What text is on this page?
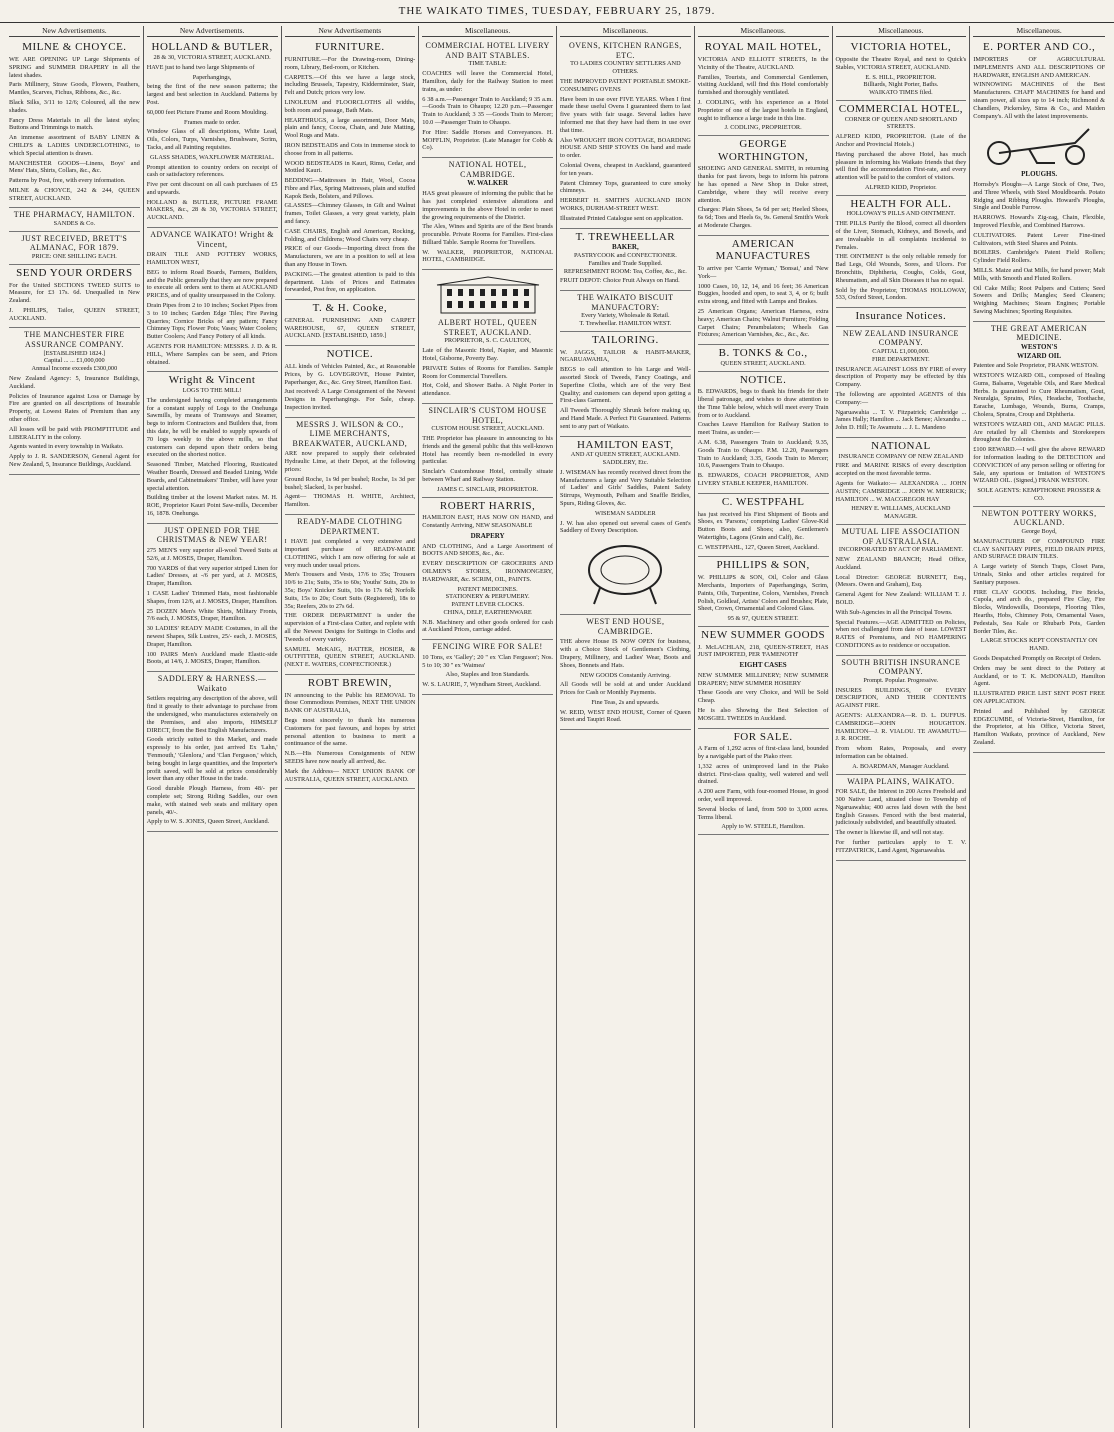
THE WAIKATO TIMES, TUESDAY, FEBRUARY 25, 1879.
New Advertisements.
MILNE & CHOYCE.
WE ARE OPENING UP Large Shipments of SPRING and SUMMER DRAPERY in all the latest shades.
Paris Millinery, Straw Goods, Flowers, Feathers, Mantles, Scarves, Fichus, Ribbons, &c., &c.
Black Silks, 3/11 to 12/6; Coloured, all the new shades.
Fancy Dress Materials in all the latest styles; Buttons and Trimmings to match.
An immense assortment of BABY LINEN & CHILD'S & LADIES UNDERCLOTHING, to which Special attention is drawn.
MANCHESTER GOODS—Linens, Boys' and Mens' Hats, Shirts, Collars, &c., &c.
Patterns by Post, free, with every information.
MILNE & CHOYCE, 242 & 244, QUEEN STREET, AUCKLAND.
THE PHARMACY, HAMILTON.
SANDES & Co.
JUST RECEIVED, BRETT'S ALMANAC, FOR 1879.
PRICE: ONE SHILLING EACH.
SEND YOUR ORDERS
For the United SECTIONS TWEED SUITS to Measure, for £3 17s. 6d. Unequalled in New Zealand.
J. PHILIPS, Tailor, QUEEN STREET, AUCKLAND.
THE MANCHESTER FIRE ASSURANCE COMPANY.
[ESTABLISHED 1824.]
Capital ... ... £1,000,000
Annual Income exceeds £300,000
New Zealand Agency: 5, Insurance Buildings, Auckland.
Policies of Insurance against Loss or Damage by Fire are granted on all descriptions of Insurable Property, at Lowest Rates of Premium than any other office.
All losses will be paid with PROMPTITUDE and LIBERALITY in the colony.
Agents wanted in every township in Waikato.
Apply to J. R. SANDERSON, General Agent for New Zealand, 5, Insurance Buildings, Auckland.
New Advertisements.
HOLLAND & BUTLER,
28 & 30, VICTORIA STREET, AUCKLAND.
HAVE just to hand two large Shipments of
Paperhangings,
being the first of the new season patterns; the largest and best selection in Auckland. Patterns by Post.
60,000 feet Picture Frame and Room Moulding.
Frames made to order.
Window Glass of all descriptions, White Lead, Oils, Colors, Turps, Varnishes, Brushware, Scrim, Tacks, and all Painting requisites.
GLASS SHADES, WAXFLOWER MATERIAL.
Prompt attention to country orders on receipt of cash or satisfactory references.
Five per cent discount on all cash purchases of £5 and upwards.
HOLLAND & BUTLER, PICTURE FRAME MAKERS, &c., 28 & 30, VICTORIA STREET, AUCKLAND.
ADVANCE WAIKATO! Wright & Vincent,
DRAIN TILE AND POTTERY WORKS, HAMILTON WEST,
BEG to inform Road Boards, Farmers, Builders, and the Public generally that they are now prepared to execute all orders sent to them at AUCKLAND PRICES, and of quality unsurpassed in the Colony.
Drain Pipes from 2 to 10 inches; Socket Pipes from 3 to 10 inches; Garden Edge Tiles; Fire Paving Quarries; Cornice Bricks of any pattern; Fancy Chimney Tops; Flower Pots; Vases; Water Coolers; Butter Coolers; And Fancy Pottery of all kinds.
AGENTS FOR HAMILTON: MESSRS. J. D. & R. HILL, Where Samples can be seen, and Prices obtained.
Wright & Vincent
LOGS TO THE MILL!
The undersigned having completed arrangements for a constant supply of Logs to the Onehunga Sawmills, by means of Tramways and Steamer, begs to inform Contractors and Builders that, from this date, he will be enabled to supply upwards of 70 logs weekly to the above mills, so that customers can depend upon their orders being executed on the shortest notice.
Seasoned Timber, Matched Flooring, Rusticated Weather Boards, Dressed and Beaded Lining, Wide Boards, and Cabinetmakers' Timber, will have your special attention.
Building timber at the lowest Market rates. M. H. ROE, Proprietor Kauri Point Saw-mills, December 16, 1878. Onehunga.
JUST OPENED FOR THE CHRISTMAS & NEW YEAR!
275 MEN'S very superior all-wool Tweed Suits at 52/6, at J. MOSES, Draper, Hamilton.
700 YARDS of that very superior striped Linen for Ladies' Dresses, at -/6 per yard, at J. MOSES, Draper, Hamilton.
1 CASE Ladies' Trimmed Hats, most fashionable Shapes, from 12/6, at J. MOSES, Draper, Hamilton.
25 DOZEN Men's White Shirts, Military Fronts, 7/6 each, J. MOSES, Draper, Hamilton.
30 LADIES' READY MADE Costumes, in all the newest Shapes, Silk Lustres, 25/- each, J. MOSES, Draper, Hamilton.
100 PAIRS Men's Auckland made Elastic-side Boots, at 14/6, J. MOSES, Draper, Hamilton.
SADDLERY & HARNESS.—Waikato
Settlers requiring any description of the above, will find it greatly to their advantage to purchase from the undersigned, who manufactures extensively on the Premises, and also imports, HIMSELF DIRECT, from the Best English Manufacturers.
Goods strictly suited to this Market, and made expressly to his order, just arrived Ex 'Lahn,' 'Fenmouth,' 'Glenlora,' and 'Clan Ferguson,' which, being bought in large quantities, and the Importer's profit saved, will be sold at prices considerably lower than any other House in the trade.
Good durable Plough Harness, from 48/- per complete set; Strong Riding Saddles, our own make, with stained web seats and military open panels, 40/-.
Apply to W. S. JONES, Queen Street, Auckland.
New Advertisements
FURNITURE.
FURNITURE.—For the Drawing-room, Dining-room, Library, Bed-room, or Kitchen.
CARPETS.—Of this we have a large stock, including Brussels, Tapestry, Kidderminster, Stair, Felt and Dutch; prices very low.
LINOLEUM and FLOORCLOTHS all widths, both room and passage, Bath Mats.
HEARTHRUGS, a large assortment, Door Mats, plain and fancy, Cocoa, Chain, and Jute Matting, Wool Rugs and Mats.
IRON BEDSTEADS and Cots in immense stock to choose from in all patterns.
WOOD BEDSTEADS in Kauri, Rimu, Cedar, and Mottled Kauri.
BEDDING—Mattresses in Hair, Wool, Cocoa Fibre and Flax, Spring Mattresses, plain and stuffed Kapok Beds, Bolsters, and Pillows.
GLASSES—Chimney Glasses, in Gilt and Walnut frames, Toilet Glasses, a very great variety, plain and fancy.
CASE CHAIRS, English and American, Rocking, Folding, and Childrens; Wood Chairs very cheap.
PRICE of our Goods—Importing direct from the Manufacturers, we are in a position to sell at less than any House in Town.
PACKING.—The greatest attention is paid to this department. Lists of Prices and Estimates forwarded, Post free, on application.
T. & H. Cooke,
GENERAL FURNISHING AND CARPET WAREHOUSE, 67, QUEEN STREET, AUCKLAND. [ESTABLISHED, 1859.]
NOTICE.
ALL kinds of Vehicles Painted, &c., at Reasonable Prices, by G. LOVEGROVE, House Painter, Paperhanger, &c., &c. Grey Street, Hamilton East.
Just received: A Large Consignment of the Newest Designs in Paperhangings. For Sale, cheap. Inspection invited.
MESSRS J. WILSON & CO., LIME MERCHANTS, BREAKWATER, AUCKLAND,
ARE now prepared to supply their celebrated Hydraulic Lime, at their Depot, at the following prices:
Ground Roche, 1s 9d per bushel; Roche, 1s 3d per bushel; Slacked, 1s per bushel.
Agent— THOMAS H. WHITE, Architect, Hamilton.
READY-MADE CLOTHING DEPARTMENT.
I HAVE just completed a very extensive and important purchase of READY-MADE CLOTHING, which I am now offering for sale at very much under usual prices.
Men's Trousers and Vests, 17/6 to 35s; Trousers 10/6 to 21s; Suits, 35s to 60s; Youths' Suits, 20s to 35s; Boys' Knicker Suits, 10s to 17s 6d; Norfolk Suits, 15s to 20s; Court Suits (Registered), 18s to 35s; Reefers, 20s to 27s 6d.
THE ORDER DEPARTMENT is under the supervision of a First-class Cutter, and replete with all the Newest Designs for Suitings in Cloths and Tweeds of every variety.
SAMUEL McKAIG, HATTER, HOSIER, & OUTFITTER, QUEEN STREET, AUCKLAND. (NEXT E. WATERS, CONFECTIONER.)
ROBT BREWIN,
IN announcing to the Public his REMOVAL To those Commodious Premises, NEXT THE UNION BANK OF AUSTRALIA,
Begs most sincerely to thank his numerous Customers for past favours, and hopes by strict personal attention to business to merit a continuance of the same.
N.B.—His Numerous Consignments of NEW SEEDS have now nearly all arrived, &c.
Mark the Address— NEXT UNION BANK OF AUSTRALIA, QUEEN STREET, AUCKLAND.
Miscellaneous.
COMMERCIAL HOTEL LIVERY AND BAIT STABLES.
TIME TABLE:
COACHES will leave the Commercial Hotel, Hamilton, daily for the Railway Station to meet trains, as under:
6 38 a.m.—Passenger Train to Auckland; 9 35 a.m.—Goods Train to Ohaupo; 12.20 p.m.—Passenger Train to Auckland; 3 35 —Goods Train to Mercer; 10.0 —Passenger Train to Ohaupo.
For Hire: Saddle Horses and Conveyances. H. MOFFLIN, Proprietor. (Late Manager for Cobb & Co).
NATIONAL HOTEL, CAMBRIDGE.
W. WALKER
HAS great pleasure of informing the public that he has just completed extensive alterations and improvements in the above Hotel in order to meet the growing requirements of the District.
The Ales, Wines and Spirits are of the Best brands procurable. Private Rooms for Families. First-class Billiard Table. Sample Rooms for Travellers.
W. WALKER, PROPRIETOR, NATIONAL HOTEL, CAMBRIDGE.
ALBERT HOTEL, QUEEN STREET, AUCKLAND.
PROPRIETOR, S. C. CAULTON,
Late of the Masonic Hotel, Napier, and Masonic Hotel, Gisborne, Poverty Bay.
PRIVATE Suites of Rooms for Families. Sample Room for Commercial Travellers.
Hot, Cold, and Shower Baths. A Night Porter in attendance.
SINCLAIR'S CUSTOM HOUSE HOTEL,
CUSTOM HOUSE STREET, AUCKLAND.
THE Proprietor has pleasure in announcing to his friends and the general public that this well-known Hotel has recently been re-modelled in every particular.
Sinclair's Customhouse Hotel, centrally situate between Wharf and Railway Station.
JAMES C. SINCLAIR, PROPRIETOR.
ROBERT HARRIS,
HAMILTON EAST, HAS NOW ON HAND, and Constantly Arriving, NEW SEASONABLE
DRAPERY
AND CLOTHING, And a Large Assortment of BOOTS AND SHOES, &c., &c.
EVERY DESCRIPTION OF GROCERIES AND OILMEN'S STORES, IRONMONGERY, HARDWARE, &c. SCRIM, OIL, PAINTS.
PATENT MEDICINES.
STATIONERY & PERFUMERY.
PATENT LEVER CLOCKS.
CHINA, DELF, EARTHENWARE
N.B. Machinery and other goods ordered for cash at Auckland Prices, carriage added.
FENCING WIRE FOR SALE!
10 Tons, ex 'Galley'; 20 '' ex 'Clan Ferguson'; Nos. 5 to 10; 30 '' ex 'Waimea'
Also, Staples and Iron Standards.
W. S. LAURIE, 7, Wyndham Street, Auckland.
Miscellaneous.
OVENS, KITCHEN RANGES, ETC.
TO LADIES COUNTRY SETTLERS AND OTHERS.
THE IMPROVED PATENT PORTABLE SMOKE-CONSUMING OVENS
Have been in use over FIVE YEARS. When I first made these useful Ovens I guaranteed them to last five years with fair usage. Several ladies have informed me that they have had them in use over that time.
Also WROUGHT IRON COTTAGE, BOARDING HOUSE AND SHIP STOVES On hand and made to order.
Colonial Ovens, cheapest in Auckland, guaranteed for ten years.
Patent Chimney Tops, guaranteed to cure smoky chimneys.
HERBERT H. SMITH'S AUCKLAND IRON WORKS, DURHAM-STREET WEST.
Illustrated Printed Catalogue sent on application.
T. TREWHEELLAR
BAKER,
PASTRYCOOK and CONFECTIONER.
Families and Trade Supplied.
REFRESHMENT ROOM: Tea, Coffee, &c., &c.
FRUIT DEPOT: Choice Fruit Always on Hand.
THE WAIKATO BISCUIT MANUFACTORY:
Every Variety, Wholesale & Retail.
T. Trewheellar. HAMILTON WEST.
TAILORING.
W. JAGGS, TAILOR & HABIT-MAKER, NGARUAWAHIA,
BEGS to call attention to his Large and Well-assorted Stock of Tweeds, Fancy Coatings, and Superfine Cloths, which are of the very Best Quality; and customers can depend upon getting a First-class Garment.
All Tweeds Thoroughly Shrunk before making up, and Hand Made. A Perfect Fit Guaranteed. Patterns sent to any part of Waikato.
HAMILTON EAST,
AND AT QUEEN STREET, AUCKLAND.
SADDLERY, Etc.
J. WISEMAN has recently received direct from the Manufacturers a large and Very Suitable Selection of Ladies' and Girls' Saddles, Patent Safety Stirrups, Weymouth, Pelham and Snaffle Bridles, Spurs, Riding Gloves, &c.
WISEMAN SADDLER
J. W. has also opened out several cases of Gent's Saddlery of Every Description.
WEST END HOUSE, CAMBRIDGE.
THE above House IS NOW OPEN for business, with a Choice Stock of Gentlemen's Clothing, Drapery, Millinery, and Ladies' Wear, Boots and Shoes, Bonnets and Hats.
NEW GOODS Constantly Arriving.
All Goods will be sold at and under Auckland Prices for Cash or Monthly Payments.
Fine Teas, 2s and upwards.
W. REID, WEST END HOUSE, Corner of Queen Street and Taupiri Road.
Miscellaneous.
ROYAL MAIL HOTEL,
VICTORIA AND ELLIOTT STREETS, In the Vicinity of the Theatre, AUCKLAND.
Families, Tourists, and Commercial Gentlemen, visiting Auckland, will find this Hotel comfortably furnished and thoroughly ventilated.
J. CODLING, with his experience as a Hotel Proprietor of one of the largest hotels in England, ought to influence a large trade in this line.
J. CODLING, PROPRIETOR.
GEORGE WORTHINGTON,
SHOEING AND GENERAL SMITH, in returning thanks for past favors, begs to inform his patrons he has opened a New Shop in Duke street, Cambridge, where they will receive every attention.
Charges: Plain Shoes, 5s 6d per set; Heeled Shoes, 6s 6d; Toes and Heels 6s, 9s. General Smith's Work at Moderate Charges.
AMERICAN MANUFACTURES
To arrive per 'Carrie Wyman,' 'Bonsai,' and 'New York—
1000 Cases, 10, 12, 14, and 16 feet; 36 American Buggies, hooded and open, to seat 3, 4, or 6; built extra strong, and fitted with Lamps and Brakes.
25 American Organs; American Harness, extra heavy; American Chairs; Walnut Furniture; Folding Carpet Chairs; Perambulators; Wheels Gas Fixtures; American Varnishes, &c., &c., &c.
B. TONKS & Co.,
QUEEN STREET, AUCKLAND.
NOTICE.
B. EDWARDS, begs to thank his friends for their liberal patronage, and wishes to draw attention to the Time Table below, which will meet every Train from or to Auckland.
Coaches Leave Hamilton for Railway Station to meet Trains, as under:—
A.M. 6.38, Passengers Train to Auckland; 9.35, Goods Train to Ohaupo. P.M. 12.20, Passengers Train to Auckland; 3.35, Goods Train to Mercer; 10.6, Passengers Train to Ohaupo.
B. EDWARDS, COACH PROPRIETOR, AND LIVERY STABLE KEEPER, HAMILTON.
C. WESTPFAHL
has just received his First Shipment of Boots and Shoes, ex 'Parsons,' comprising Ladies' Glove-Kid Button Boots and Shoes; also, Gentlemen's Watertights, Lagons (Grain and Calf), &c.
C. WESTPFAHL, 127, Queen Street, Auckland.
PHILLIPS & SON,
W. PHILLIPS & SON, Oil, Color and Glass Merchants, Importers of Paperhangings, Scrim, Paints, Oils, Turpentine, Colors, Varnishes, French Polish, Goldleaf, Artists' Colors and Brushes; Plate, Sheet, Crown, Ornamental and Colored Glass.
95 & 97, QUEEN STREET.
NEW SUMMER GOODS
J. McLACHLAN, 218, QUEEN-STREET, HAS JUST IMPORTED, PER 'FAMENOTH'
EIGHT CASES
NEW SUMMER MILLINERY; NEW SUMMER DRAPERY; NEW SUMMER HOSIERY
These Goods are very Choice, and Will be Sold Cheap.
He is also Showing the Best Selection of MOSGIEL TWEEDS in Auckland.
FOR SALE.
A Farm of 1,292 acres of first-class land, bounded by a navigable part of the Piako river.
1,332 acres of unimproved land in the Piako district. First-class quality, well watered and well drained.
A 200 acre Farm, with four-roomed House, in good order, well improved.
Several blocks of land, from 500 to 3,000 acres. Terms liberal.
Apply to W. STEELE, Hamilton.
Miscellaneous.
VICTORIA HOTEL,
Opposite the Theatre Royal, and next to Quick's Stables, VICTORIA STREET, AUCKLAND.
E. S. HILL, PROPRIETOR.
Billiards, Night Porter, Baths.
WAIKATO TIMES filed.
COMMERCIAL HOTEL,
CORNER OF QUEEN AND SHORTLAND STREETS.
ALFRED KIDD, PROPRIETOR. (Late of the Anchor and Provincial Hotels.)
Having purchased the above Hotel, has much pleasure in informing his Waikato friends that they will find the accommodation First-rate, and every attention will be paid to the comfort of visitors.
ALFRED KIDD, Proprietor.
HEALTH FOR ALL.
HOLLOWAY'S PILLS AND OINTMENT.
THE PILLS Purify the Blood, correct all disorders of the Liver, Stomach, Kidneys, and Bowels, and are invaluable in all complaints incidental to Females.
THE OINTMENT is the only reliable remedy for Bad Legs, Old Wounds, Sores, and Ulcers. For Bronchitis, Diphtheria, Coughs, Colds, Gout, Rheumatism, and all Skin Diseases it has no equal.
Sold by the Proprietor, THOMAS HOLLOWAY, 533, Oxford Street, London.
Insurance Notices.
NEW ZEALAND INSURANCE COMPANY.
CAPITAL £1,000,000.
FIRE DEPARTMENT.
INSURANCE AGAINST LOSS BY FIRE of every description of Property may be effected by this Company.
The following are appointed AGENTS of this Company:—
Ngaruawahia ... T. V. Fitzpatrick; Cambridge ... James Hally; Hamilton ... Jack Benee; Alexandra ... John D. Hill; Te Awamutu ... J. L. Mandeno
NATIONAL
INSURANCE COMPANY OF NEW ZEALAND
FIRE and MARINE RISKS of every description accepted on the most favorable terms.
Agents for Waikato:— ALEXANDRA ... JOHN AUSTIN; CAMBRIDGE ... JOHN W. MERRICK; HAMILTON ... W. MACGREGOR HAY
HENRY E. WILLIAMS, AUCKLAND MANAGER.
MUTUAL LIFE ASSOCIATION OF AUSTRALASIA.
INCORPORATED BY ACT OF PARLIAMENT.
NEW ZEALAND BRANCH; Head Office, Auckland.
Local Director: GEORGE BURNETT, Esq., (Messrs. Owen and Graham), Esq.
General Agent for New Zealand: WILLIAM T. J. BOLD.
With Sub-Agencies in all the Principal Towns.
Special Features.—AGE ADMITTED on Policies, when not challenged from date of issue. LOWEST RATES of Premiums, and NO HAMPERING CONDITIONS as to residence or occupation.
SOUTH BRITISH INSURANCE COMPANY.
Prompt. Popular. Progressive.
INSURES BUILDINGS, OF EVERY DESCRIPTION, AND THEIR CONTENTS AGAINST FIRE.
AGENTS: ALEXANDRA—R. D. L. DUFFUS. CAMBRIDGE—JOHN HOUGHTON. HAMILTON—J. R. VIALOU. TE AWAMUTU—J. R. ROCHE.
From whom Rates, Proposals, and every information can be obtained.
A. BOARDMAN, Manager Auckland.
WAIPA PLAINS, WAIKATO.
FOR SALE, the Interest in 200 Acres Freehold and 300 Native Land, situated close to Township of Ngaruawahia; 400 acres laid down with the best English Grasses. Fenced with the best material, judiciously subdivided, and beautifully situated.
The owner is likewise ill, and will not stay.
For further particulars apply to T. V. FITZPATRICK, Land Agent, Ngaruawahia.
Miscellaneous.
E. PORTER AND CO.,
IMPORTERS OF AGRICULTURAL IMPLEMENTS AND ALL DESCRIPTIONS OF HARDWARE, ENGLISH AND AMERICAN.
WINNOWING MACHINES of the Best Manufacturers. CHAFF MACHINES for hand and steam power, all sizes up to 14 inch; Richmond & Chandlers, Pickersley, Sims & Co., and Maiden Company's. All with the latest improvements.
PLOUGHS.
Hornsby's Ploughs—A Large Stock of One, Two, and Three Wheels, with Steel Mouldboards. Potato Ridging and Ribbing Ploughs. Howard's Ploughs, Single and Double Furrow.
HARROWS. Howard's Zig-zag, Chain, Flexible, Improved Flexible, and Combined Harrows.
CULTIVATORS. Patent Lever Fine-tined Cultivators, with Steel Shares and Points.
BOILERS. Cambridge's Patent Field Rollers; Cylinder Field Rollers.
MILLS. Maize and Oat Mills, for hand power; Malt Mills, with Smooth and Fluted Rollers.
Oil Cake Mills; Root Pulpers and Cutters; Seed Sowers and Drills; Mangles; Seed Cleaners; Weighing Machines; Steam Engines; Portable Sawing Machines; Sporting Requisites.
THE GREAT AMERICAN MEDICINE.
WESTON'S
WIZARD OIL
Patentee and Sole Proprietor, FRANK WESTON.
WESTON'S WIZARD OIL, composed of Healing Gums, Balsams, Vegetable Oils, and Rare Medical Herbs. Is guaranteed to Cure Rheumatism, Gout, Neuralgia, Sprains, Piles, Headache, Toothache, Earache, Lumbago, Wounds, Burns, Cramps, Cholera, Sprains, Croup and Diphtheria.
WESTON'S WIZARD OIL, AND MAGIC PILLS. Are retailed by all Chemists and Storekeepers throughout the Colonies.
£100 REWARD.—I will give the above REWARD for information leading to the DETECTION and CONVICTION of any person selling or offering for Sale, any spurious or Imitation of WESTON'S WIZARD OIL. (Signed,) FRANK WESTON.
SOLE AGENTS: KEMPTHORNE PROSSER & CO.
NEWTON POTTERY WORKS, AUCKLAND.
George Boyd,
MANUFACTURER OF COMPOUND FIRE CLAY SANITARY PIPES, FIELD DRAIN PIPES, AND SURFACE DRAIN TILES.
A Large variety of Stench Traps, Closet Pans, Urinals, Sinks and other articles required for Sanitary purposes.
FIRE CLAY GOODS. Including, Fire Bricks, Cupola, and arch do., prepared Fire Clay, Fire Blocks, Windowsills, Doorsteps, Flooring Tiles, Hearths, Hobs, Chimney Pots, Ornamental Vases, Pedestals, Sea Kale or Rhubarb Pots, Garden Border Tiles, &c.
LARGE STOCKS KEPT CONSTANTLY ON HAND.
Goods Despatched Promptly on Receipt of Orders.
Orders may be sent direct to the Pottery at Auckland, or to T. K. McDONALD, Hamilton Agent.
ILLUSTRATED PRICE LIST SENT POST FREE ON APPLICATION.
Printed and Published by GEORGE EDGECUMBE, of Victoria-Street, Hamilton, for the Proprietor, at his Office, Victoria Street, Hamilton Waikato, province of Auckland, New Zealand.
